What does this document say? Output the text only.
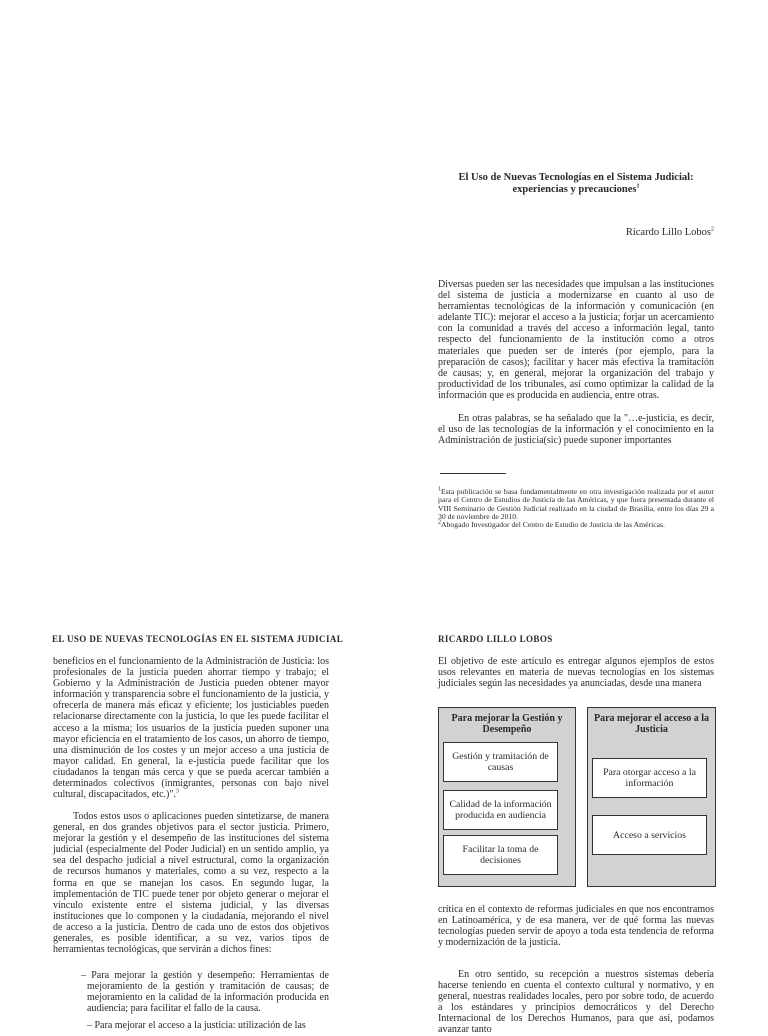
El Uso de Nuevas Tecnologías en el Sistema Judicial:
experiencias y precauciones$^1$
Ricardo Lillo Lobos$^2$

Diversas pueden ser las necesidades que impulsan a las instituciones del sistema de justicia a modernizarse en cuanto al uso de herramientas tecnológicas de la información y comunicación (en adelante TIC): mejorar el acceso a la justicia; forjar un acercamiento con la comunidad a través del acceso a información legal, tanto respecto del funcionamiento de la institución como a otros materiales que pueden ser de interés (por ejemplo, para la preparación de casos); facilitar y hacer más efectiva la tramitación de causas; y, en general, mejorar la organización del trabajo y productividad de los tribunales, así como optimizar la calidad de la información que es producida en audiencia, entre otras.

En otras palabras, se ha señalado que la "…e-justicia, es decir, el uso de las tecnologías de la información y el conocimiento en la Administración de justicia(sic) puede suponer importantes

$^1$Esta publicación se basa fundamentalmente en otra investigación realizada por el autor para el Centro de Estudios de Justicia de las Américas, y que fuera presentada durante el VIII Seminario de Gestión Judicial realizado en la ciudad de Brasilia, entre los días 29 a 30 de noviembre de 2010.

$^2$Abogado Investigador del Centro de Estudio de Justicia de las Américas.

EL USO DE NUEVAS TECNOLOGÍAS EN EL SISTEMA JUDICIAL	RICARDO LILLO LOBOS

beneficios en el funcionamiento de la Administración de Justicia: los profesionales de la justicia pueden ahorrar tiempo y trabajo; el Gobierno y la Administración de Justicia pueden obtener mayor información y transparencia sobre el funcionamiento de la justicia, y ofrecerla de manera más eficaz y eficiente; los justiciables pueden relacionarse directamente con la justicia, lo que les puede facilitar el acceso a la misma; los usuarios de la justicia pueden suponer una mayor eficiencia en el tratamiento de los casos, un ahorro de tiempo, una disminución de los costes y un mejor acceso a una justicia de mayor calidad. En general, la e-justicia puede facilitar que los ciudadanos la tengan más cerca y que se pueda acercar también a determinados colectivos (inmigrantes, personas con bajo nivel cultural, discapacitados, etc.)".$^3$

Todos estos usos o aplicaciones pueden sintetizarse, de manera general, en dos grandes objetivos para el sector justicia. Primero, mejorar la gestión y el desempeño de las instituciones del sistema judicial (especialmente del Poder Judicial) en un sentido amplio, ya sea del despacho judicial a nivel estructural, como la organización de recursos humanos y materiales, como a su vez, respecto a la forma en que se manejan los casos. En segundo lugar, la implementación de TIC puede tener por objeto generar o mejorar el vínculo existente entre el sistema judicial, y las diversas instituciones que lo componen y la ciudadanía, mejorando el nivel de acceso a la justicia. Dentro de cada uno de estos dos objetivos generales, es posible identificar, a su vez, varios tipos de herramientas tecnológicas, que servirán a dichos fines:

– Para mejorar la gestión y desempeño: Herramientas de mejoramiento de la gestión y tramitación de causas; de mejoramiento en la calidad de la información producida en audiencia; para facilitar el fallo de la causa.

– Para mejorar el acceso a la justicia: utilización de las

El objetivo de este artículo es entregar algunos ejemplos de estos usos relevantes en materia de nuevas tecnologías en los sistemas judiciales según las necesidades ya anunciadas, desde una manera

Para mejorar la Gestión y Desempeño
Para mejorar el acceso a la Justicia
Gestión y tramitación de causas
Calidad de la información producida en audiencia
Facilitar la toma de decisiones
Para otorgar acceso a la información
Acceso a servicios

crítica en el contexto de reformas judiciales en que nos encontramos en Latinoamérica, y de esa manera, ver de qué forma las nuevas tecnologías pueden servir de apoyo a toda esta tendencia de reforma y modernización de la justicia.

En otro sentido, su recepción a nuestros sistemas debería hacerse teniendo en cuenta el contexto cultural y normativo, y en general, nuestras realidades locales, pero por sobre todo, de acuerdo a los estándares y principios democráticos y del Derecho Internacional de los Derechos Humanos, para que así, podamos avanzar tanto
